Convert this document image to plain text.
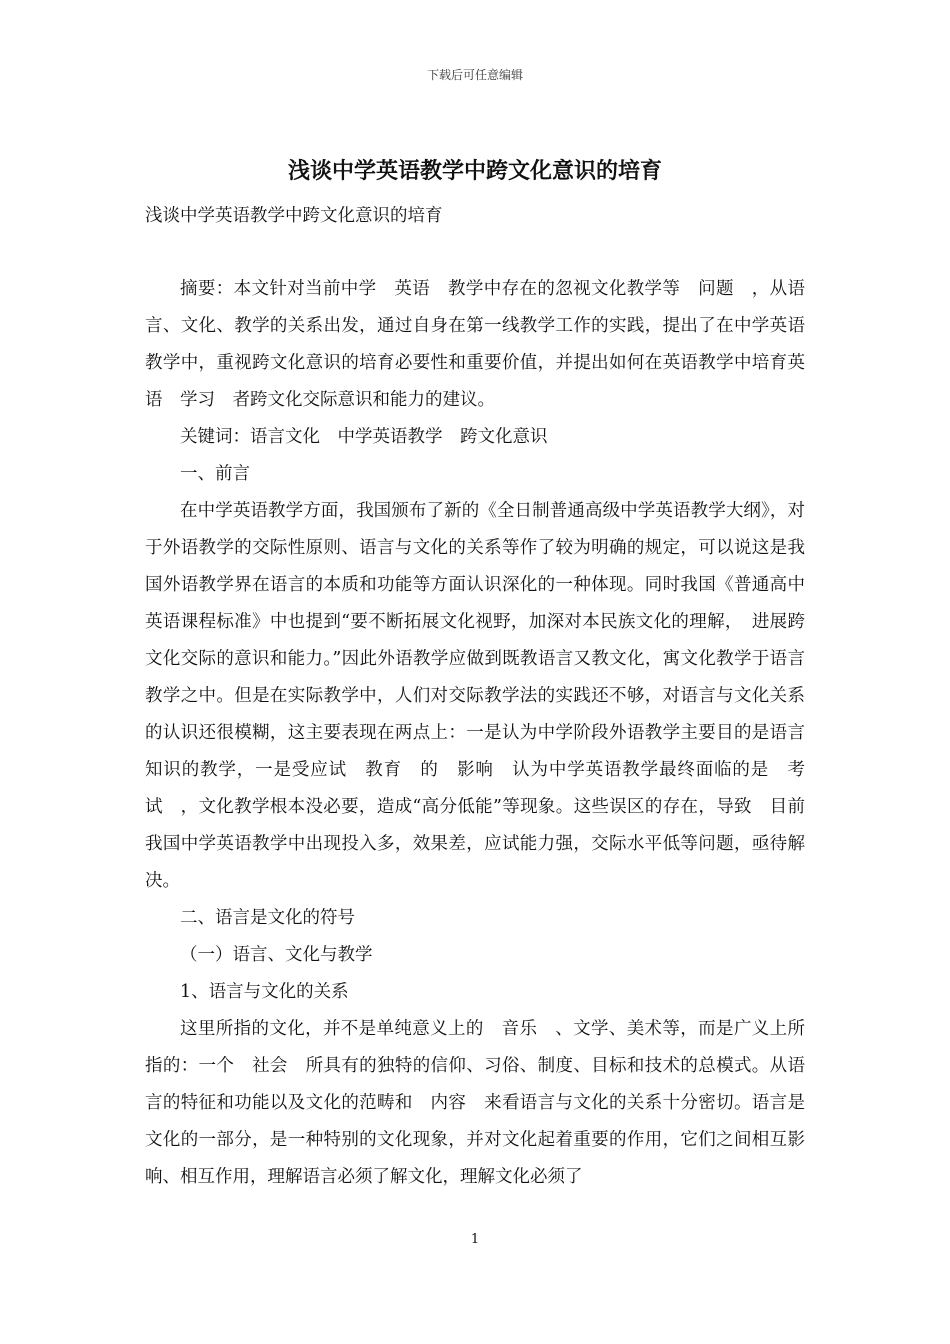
下载后可任意编辑
浅谈中学英语教学中跨文化意识的培育

浅谈中学英语教学中跨文化意识的培育

摘要：本文针对当前中学　英语　教学中存在的忽视文化教学等　问题　，从语言、文化、教学的关系出发，通过自身在第一线教学工作的实践，提出了在中学英语教学中，重视跨文化意识的培育必要性和重要价值，并提出如何在英语教学中培育英语　学习　者跨文化交际意识和能力的建议。

关键词：语言文化　中学英语教学　跨文化意识

一、前言

在中学英语教学方面，我国颁布了新的《全日制普通高级中学英语教学大纲》，对于外语教学的交际性原则、语言与文化的关系等作了较为明确的规定，可以说这是我国外语教学界在语言的本质和功能等方面认识深化的一种体现。同时我国《普通高中英语课程标准》中也提到“要不断拓展文化视野，加深对本民族文化的理解，　进展跨文化交际的意识和能力。”因此外语教学应做到既教语言又教文化，寓文化教学于语言教学之中。但是在实际教学中，人们对交际教学法的实践还不够，对语言与文化关系的认识还很模糊，这主要表现在两点上：一是认为中学阶段外语教学主要目的是语言知识的教学，一是受应试　教育　的　影响　认为中学英语教学最终面临的是　考试　，文化教学根本没必要，造成“高分低能”等现象。这些误区的存在，导致　目前　我国中学英语教学中出现投入多，效果差，应试能力强，交际水平低等问题，亟待解决。

二、语言是文化的符号

（一）语言、文化与教学

1、语言与文化的关系

这里所指的文化，并不是单纯意义上的　音乐　、文学、美术等，而是广义上所指的：一个　社会　所具有的独特的信仰、习俗、制度、目标和技术的总模式。从语言的特征和功能以及文化的范畴和　内容　来看语言与文化的关系十分密切。语言是文化的一部分，是一种特别的文化现象，并对文化起着重要的作用，它们之间相互影响、相互作用，理解语言必须了解文化，理解文化必须了

1
